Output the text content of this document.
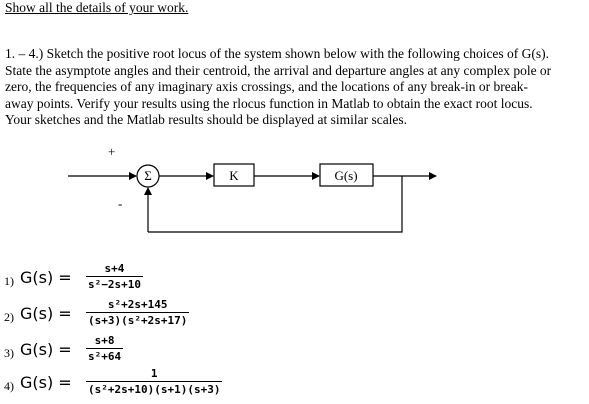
Show all the details of your work.
1. – 4.) Sketch the positive root locus of the system shown below with the following choices of G(s).
State the asymptote angles and their centroid, the arrival and departure angles at any complex pole or
zero, the frequencies of any imaginary axis crossings, and the locations of any break-in or break-
away points. Verify your results using the rlocus function in Matlab to obtain the exact root locus.
Your sketches and the Matlab results should be displayed at similar scales.
+
-
Σ	K	G(s)
1) $G(s) = \frac{s+4}{\text{s²−2s+10}}$
2) $G(s) = \frac{\text{s²+2s+145}}{\text{(s+3)(s²+2s+17)}}$
3) $G(s) = \frac{s+8}{\text{s²+64}}$
4) $G(s) = \frac{1}{\text{(s²+2s+10)(s+1)(s+3)}}$
